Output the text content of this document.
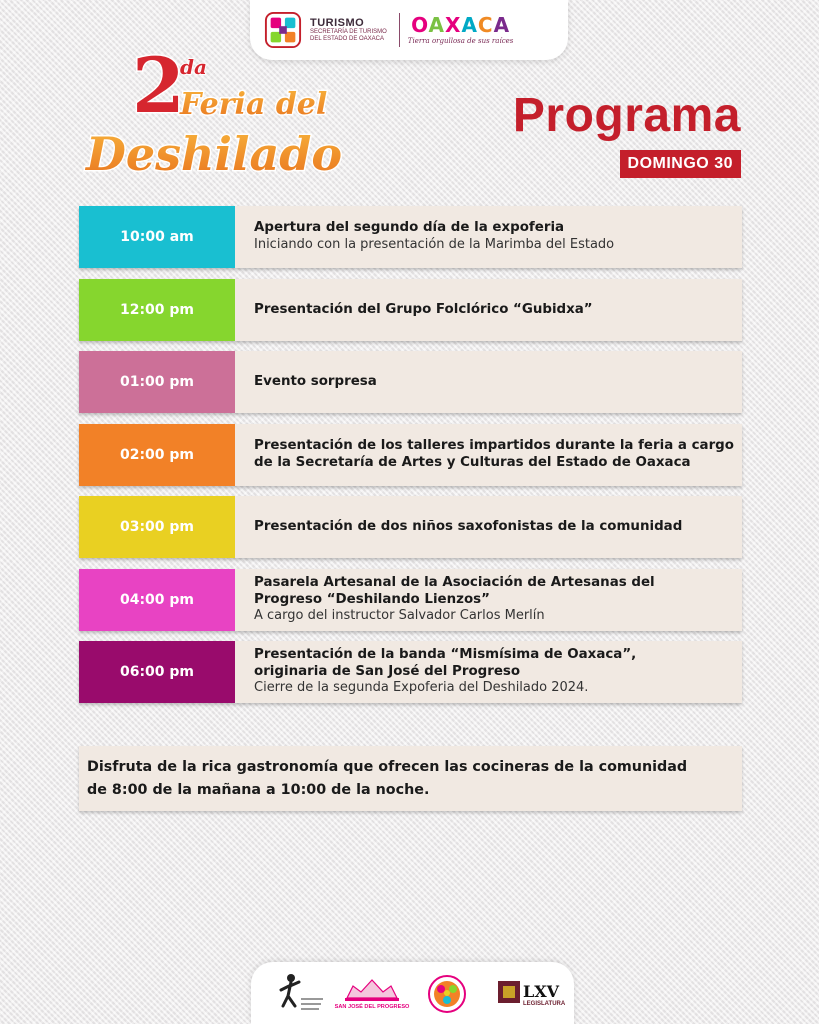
TURISMO
SECRETARÍA DE TURISMO
DEL ESTADO DE OAXACA
OAXACA
Tierra orgullosa de sus raíces
2
da
Feria del
Deshilado
Programa
DOMINGO 30
10:00 am
Apertura del segundo día de la expoferia
Iniciando con la presentación de la Marimba del Estado
12:00 pm	Presentación del Grupo Folclórico “Gubidxa”
01:00 pm	Evento sorpresa
02:00 pm
Presentación de los talleres impartidos durante la feria a cargo
de la Secretaría de Artes y Culturas del Estado de Oaxaca
03:00 pm	Presentación de dos niños saxofonistas de la comunidad
04:00 pm
Pasarela Artesanal de la Asociación de Artesanas del
Progreso “Deshilando Lienzos”
A cargo del instructor Salvador Carlos Merlín
06:00 pm
Presentación de la banda “Mismísima de Oaxaca”,
originaria de San José del Progreso
Cierre de la segunda Expoferia del Deshilado 2024.
Disfruta de la rica gastronomía que ofrecen las cocineras de la comunidad
de 8:00 de la mañana a 10:00 de la noche.
SAN JOSÉ DEL PROGRESO
LXV
LEGISLATURA
